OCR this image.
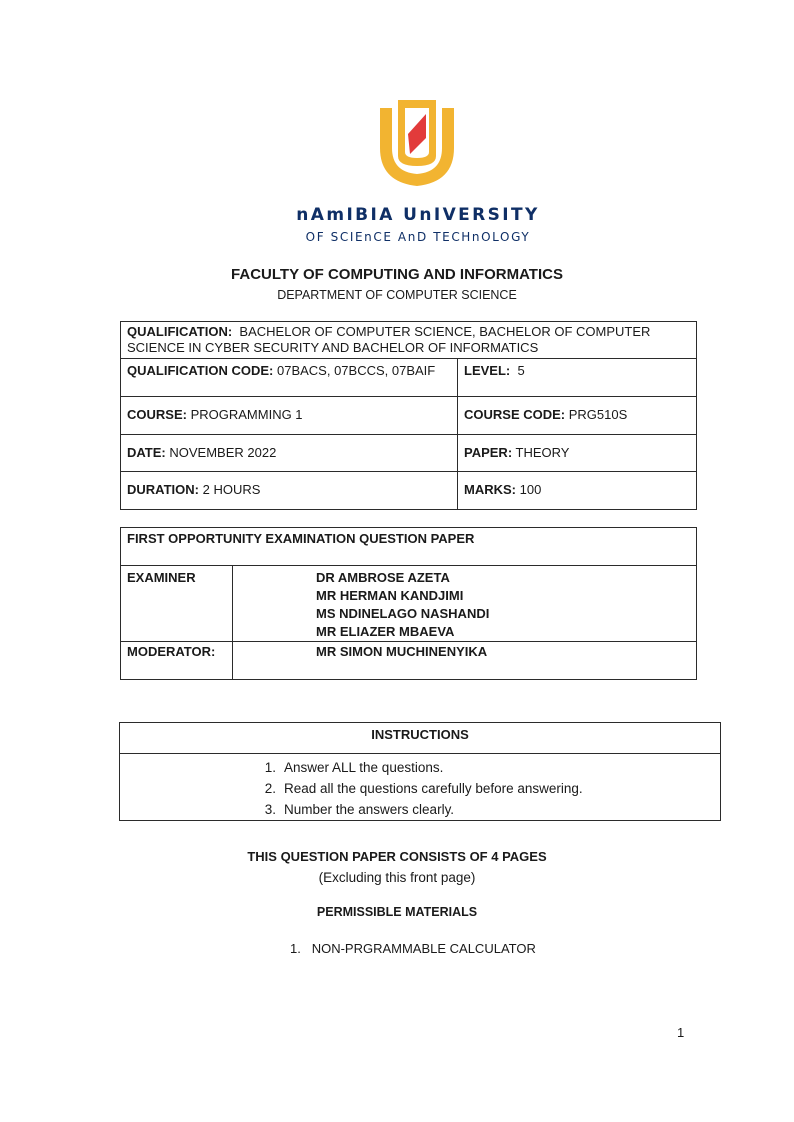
nAmIBIA UnIVERSITY
OF SCIEnCE AnD TECHnOLOGY
FACULTY OF COMPUTING AND INFORMATICS
DEPARTMENT OF COMPUTER SCIENCE
QUALIFICATION: BACHELOR OF COMPUTER SCIENCE, BACHELOR OF COMPUTER SCIENCE IN CYBER SECURITY AND BACHELOR OF INFORMATICS	
QUALIFICATION CODE: 07BACS, 07BCCS, 07BAIF	LEVEL: 5
COURSE: PROGRAMMING 1	COURSE CODE: PRG510S
DATE: NOVEMBER 2022	PAPER: THEORY
DURATION: 2 HOURS	MARKS: 100
FIRST OPPORTUNITY EXAMINATION QUESTION PAPER	
EXAMINER	DR AMBROSE AZETA
MR HERMAN KANDJIMI
MS NDINELAGO NASHANDI
MR ELIAZER MBAEVA

MODERATOR:	MR SIMON MUCHINENYIKA
INSTRUCTIONS

1. Answer ALL the questions.
2. Read all the questions carefully before answering.
3. Number the answers clearly.
THIS QUESTION PAPER CONSISTS OF 4 PAGES
(Excluding this front page)
PERMISSIBLE MATERIALS
1. NON-PRGRAMMABLE CALCULATOR
1
